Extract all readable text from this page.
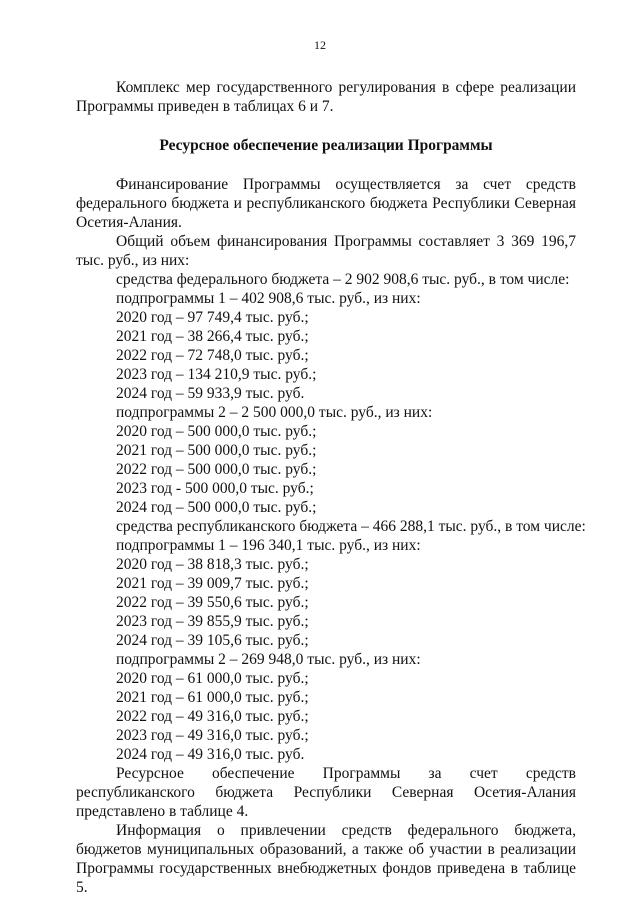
12

Комплекс мер государственного регулирования в сфере реализации Программы приведен в таблицах 6 и 7.

Ресурсное обеспечение реализации Программы

Финансирование Программы осуществляется за счет средств федерального бюджета и республиканского бюджета Республики Северная Осетия-Алания.

Общий объем финансирования Программы составляет 3 369 196,7 тыс. руб., из них:

средства федерального бюджета – 2 902 908,6 тыс. руб., в том числе:

подпрограммы 1 – 402 908,6 тыс. руб., из них:

2020 год – 97 749,4 тыс. руб.;

2021 год – 38 266,4 тыс. руб.;

2022 год – 72 748,0 тыс. руб.;

2023 год – 134 210,9 тыс. руб.;

2024 год – 59 933,9 тыс. руб.

подпрограммы 2 – 2 500 000,0 тыс. руб., из них:

2020 год – 500 000,0 тыс. руб.;

2021 год – 500 000,0 тыс. руб.;

2022 год – 500 000,0 тыс. руб.;

2023 год - 500 000,0 тыс. руб.;

2024 год – 500 000,0 тыс. руб.;

средства республиканского бюджета – 466 288,1 тыс. руб., в том числе:

подпрограммы 1 – 196 340,1 тыс. руб., из них:

2020 год – 38 818,3 тыс. руб.;

2021 год – 39 009,7 тыс. руб.;

2022 год – 39 550,6 тыс. руб.;

2023 год – 39 855,9 тыс. руб.;

2024 год – 39 105,6 тыс. руб.;

подпрограммы 2 – 269 948,0 тыс. руб., из них:

2020 год – 61 000,0 тыс. руб.;

2021 год – 61 000,0 тыс. руб.;

2022 год – 49 316,0 тыс. руб.;

2023 год – 49 316,0 тыс. руб.;

2024 год – 49 316,0 тыс. руб.

Ресурсное обеспечение Программы за счет средств республиканского бюджета Республики Северная Осетия-Алания представлено в таблице 4.

Информация о привлечении средств федерального бюджета, бюджетов муниципальных образований, а также об участии в реализации Программы государственных внебюджетных фондов приведена в таблице 5.
